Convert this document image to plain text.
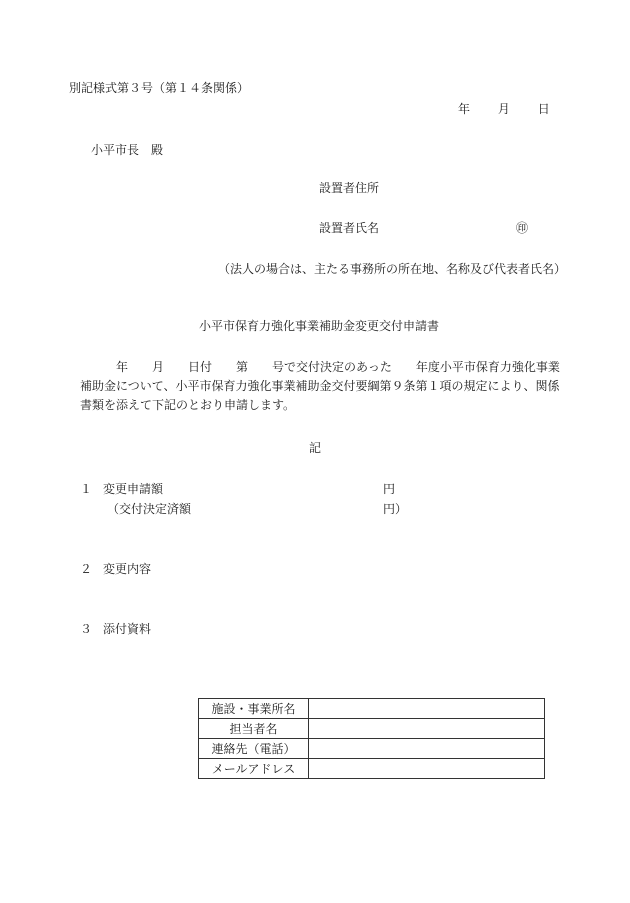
別記様式第３号（第１４条関係）
年 月 日
小平市長　殿
設置者住所
設置者氏名	㊞
（法人の場合は、主たる事務所の所在地、名称及び代表者氏名）
小平市保育力強化事業補助金変更交付申請書
年　　月　　日付　　第　　号で交付決定のあった　　年度小平市保育力強化事業
補助金について、小平市保育力強化事業補助金交付要綱第９条第１項の規定により、関係
書類を添えて下記のとおり申請します。
記
１ 変更申請額	円
（交付決定済額	円）
２ 変更内容
３ 添付資料
施設・事業所名	
担当者名	
連絡先（電話）	
メールアドレス	
